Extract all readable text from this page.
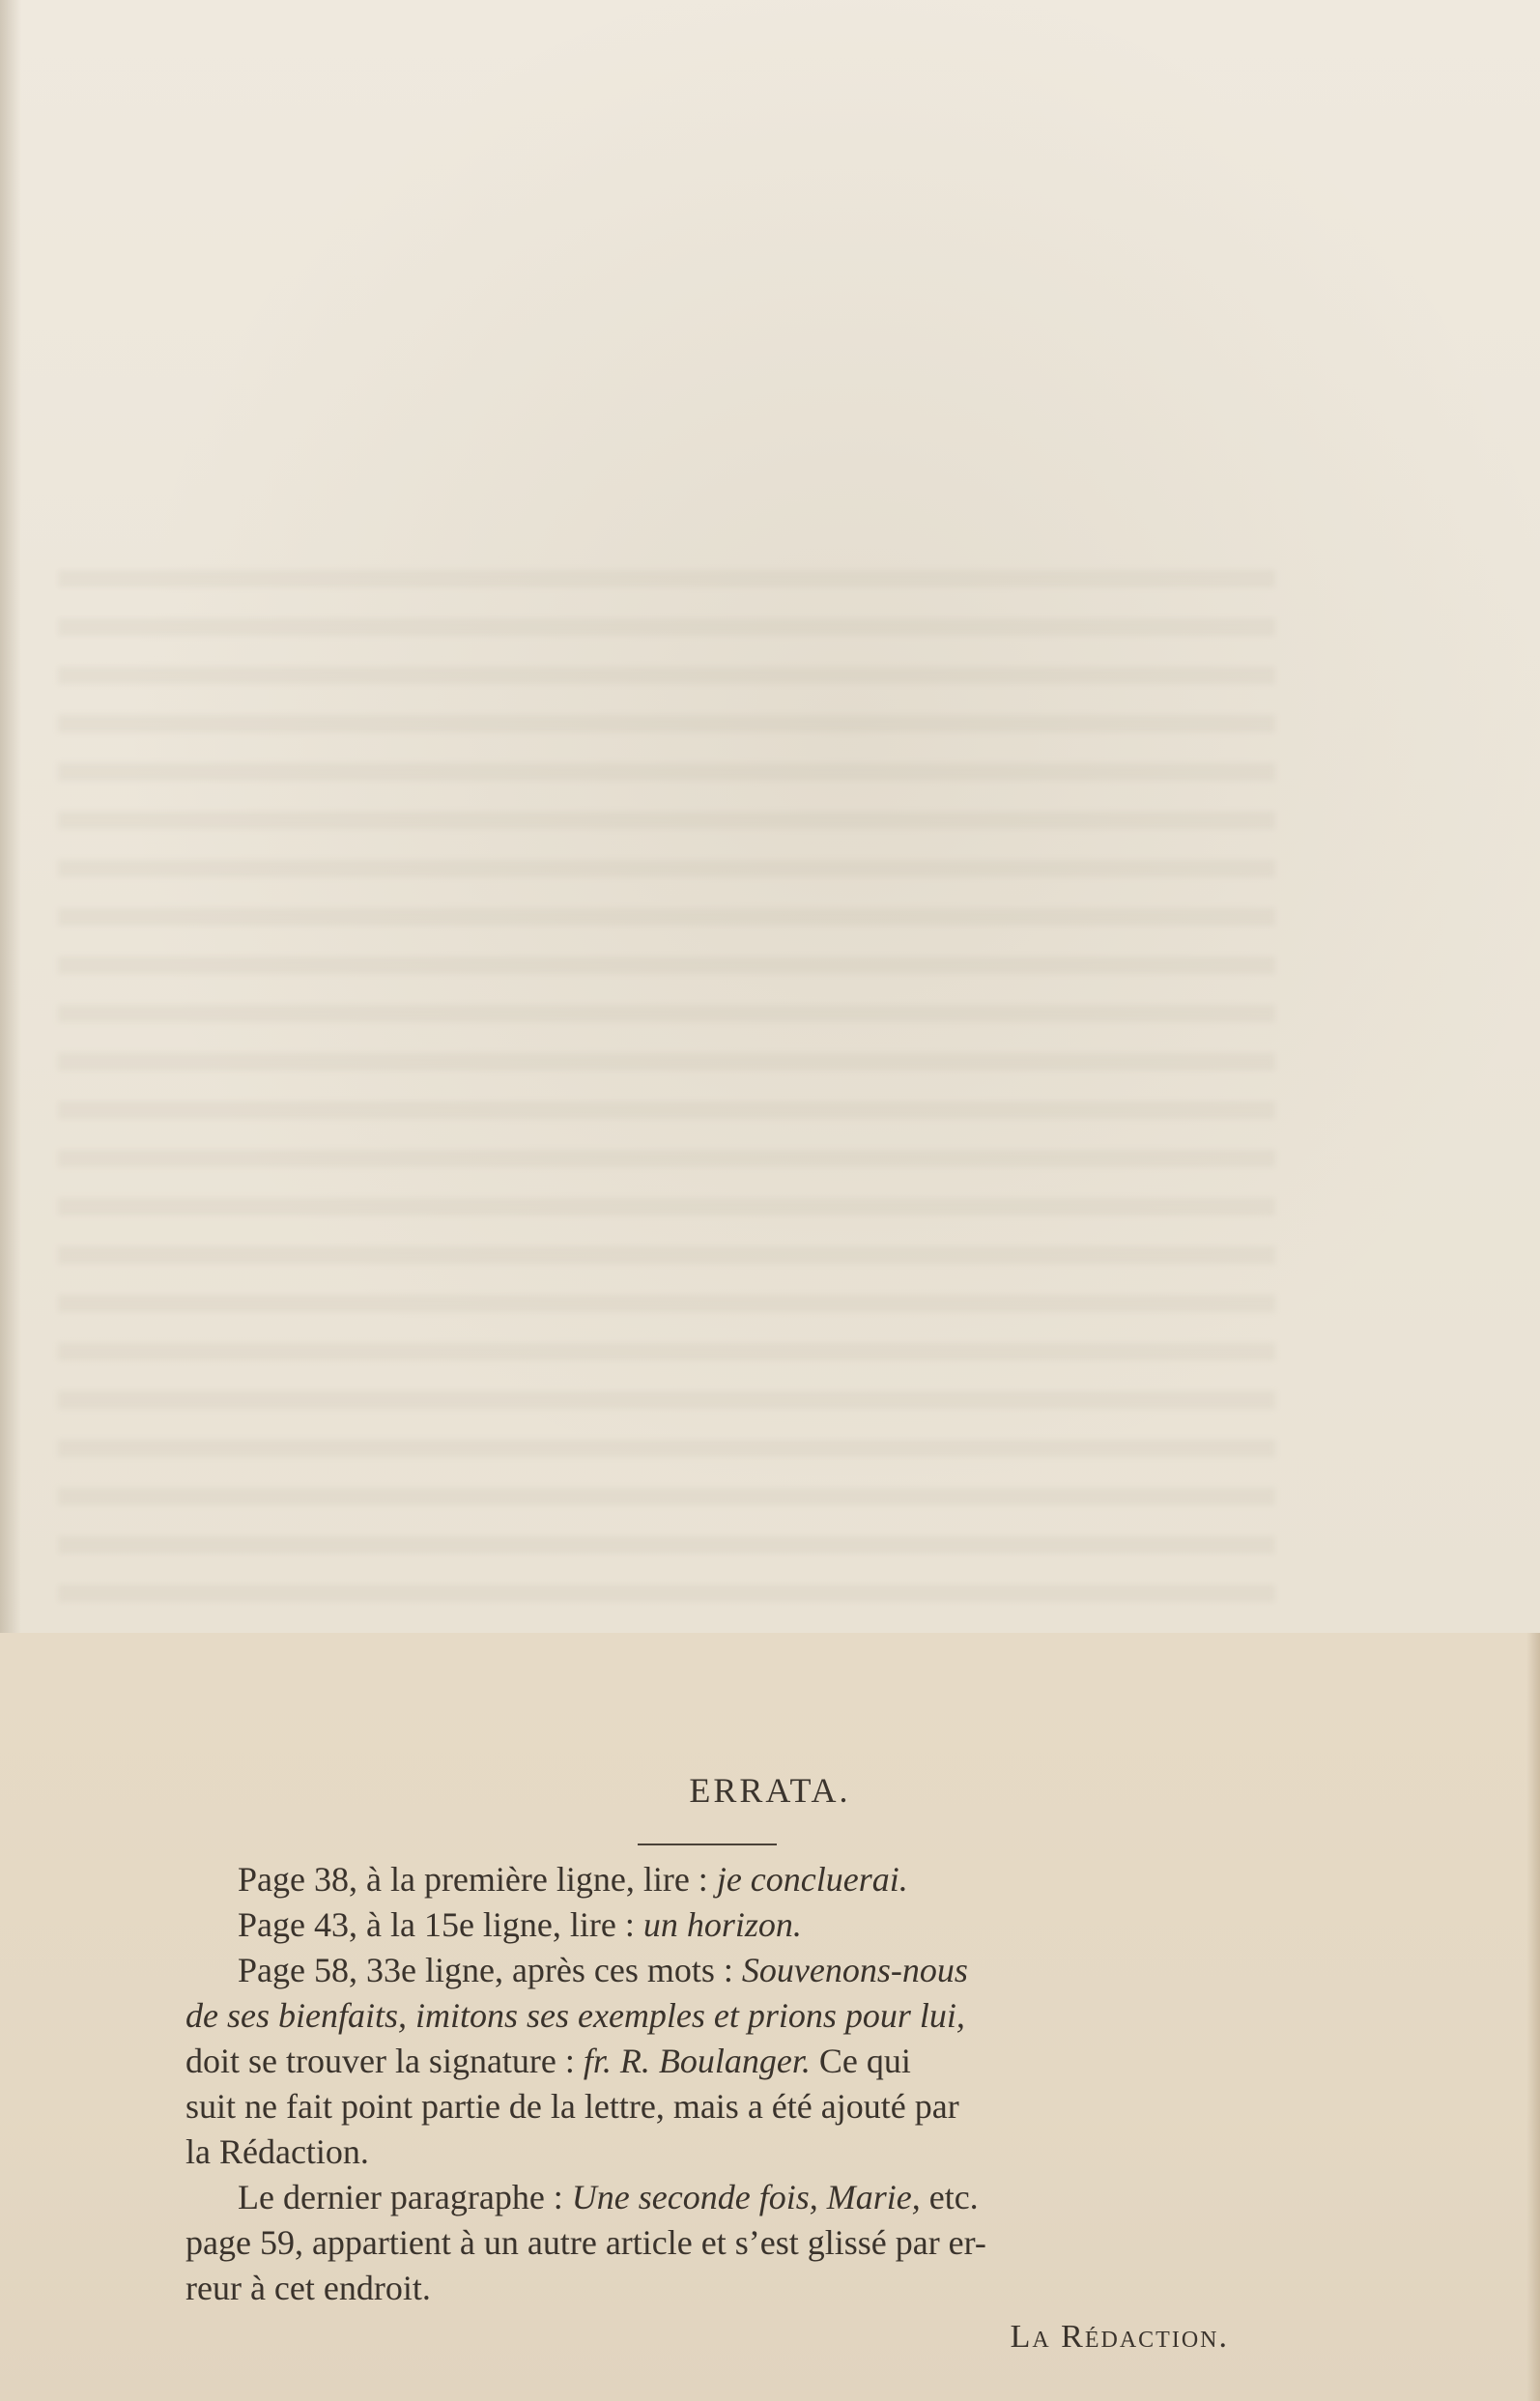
ERRATA.
Page 38, à la première ligne, lire : je concluerai.
Page 43, à la 15e ligne, lire : un horizon.
Page 58, 33e ligne, après ces mots : Souvenons-nous
de ses bienfaits, imitons ses exemples et prions pour lui,
doit se trouver la signature : fr. R. Boulanger. Ce qui
suit ne fait point partie de la lettre, mais a été ajouté par
la Rédaction.
Le dernier paragraphe : Une seconde fois, Marie, etc.
page 59, appartient à un autre article et s’est glissé par er-
reur à cet endroit.
La Rédaction.
